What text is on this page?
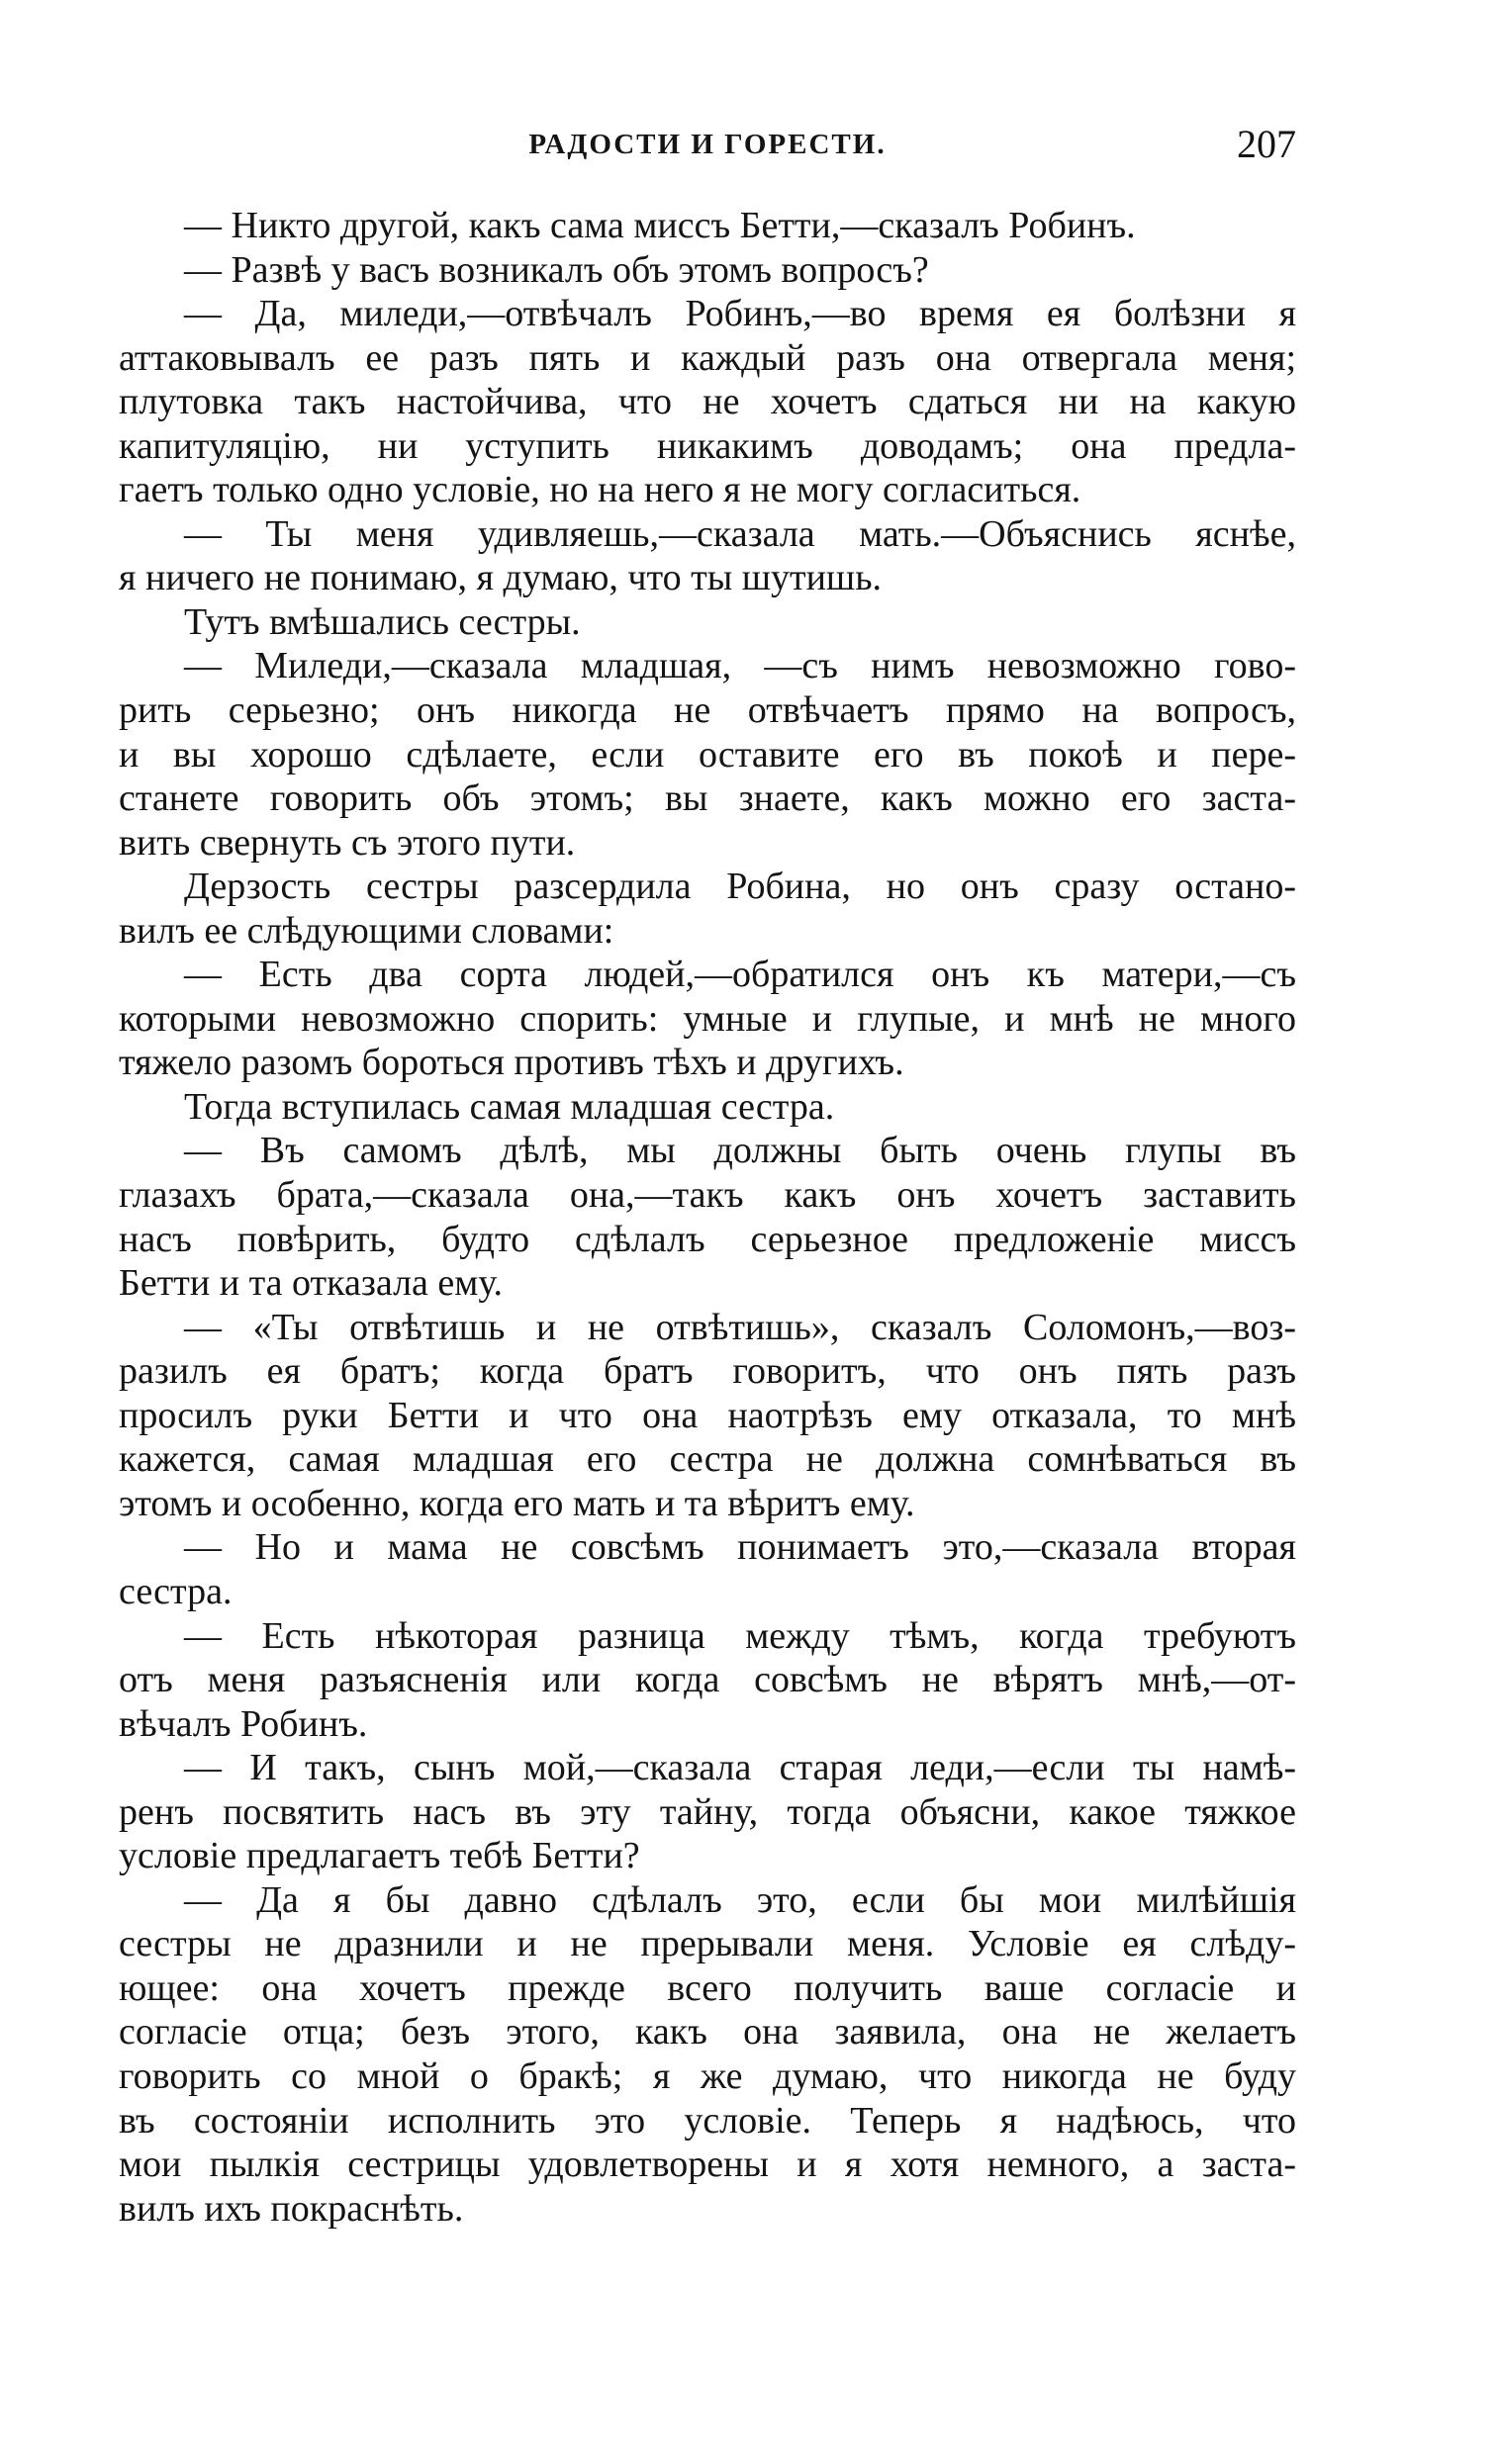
РАДОСТИ И ГОРЕСТИ.	207
— Никто другой, какъ сама миссъ Бетти,—сказалъ Робинъ.
— Развѣ у васъ возникалъ объ этомъ вопросъ?
— Да, миледи,—отвѣчалъ Робинъ,—во время ея болѣзни я
аттаковывалъ ее разъ пять и каждый разъ она отвергала меня;
плутовка такъ настойчива, что не хочетъ сдаться ни на какую
капитуляцію, ни уступить никакимъ доводамъ; она предла-
гаетъ только одно условіе, но на него я не могу согласиться.
— Ты меня удивляешь,—сказала мать.—Объяснись яснѣе,
я ничего не понимаю, я думаю, что ты шутишь.
Тутъ вмѣшались сестры.
— Миледи,—сказала младшая, —съ нимъ невозможно гово-
рить серьезно; онъ никогда не отвѣчаетъ прямо на вопросъ,
и вы хорошо сдѣлаете, если оставите его въ покоѣ и пере-
станете говорить объ этомъ; вы знаете, какъ можно его заста-
вить свернуть съ этого пути.
Дерзость сестры разсердила Робина, но онъ сразу остано-
вилъ ее слѣдующими словами:
— Есть два сорта людей,—обратился онъ къ матери,—съ
которыми невозможно спорить: умные и глупые, и мнѣ не много
тяжело разомъ бороться противъ тѣхъ и другихъ.
Тогда вступилась самая младшая сестра.
— Въ самомъ дѣлѣ, мы должны быть очень глупы въ
глазахъ брата,—сказала она,—такъ какъ онъ хочетъ заставить
насъ повѣрить, будто сдѣлалъ серьезное предложеніе миссъ
Бетти и та отказала ему.
— «Ты отвѣтишь и не отвѣтишь», сказалъ Соломонъ,—воз-
разилъ ея братъ; когда братъ говоритъ, что онъ пять разъ
просилъ руки Бетти и что она наотрѣзъ ему отказала, то мнѣ
кажется, самая младшая его сестра не должна сомнѣваться въ
этомъ и особенно, когда его мать и та вѣритъ ему.
— Но и мама не совсѣмъ понимаетъ это,—сказала вторая
сестра.
— Есть нѣкоторая разница между тѣмъ, когда требуютъ
отъ меня разъясненія или когда совсѣмъ не вѣрятъ мнѣ,—от-
вѣчалъ Робинъ.
— И такъ, сынъ мой,—сказала старая леди,—если ты намѣ-
ренъ посвятить насъ въ эту тайну, тогда объясни, какое тяжкое
условіе предлагаетъ тебѣ Бетти?
— Да я бы давно сдѣлалъ это, если бы мои милѣйшія
сестры не дразнили и не прерывали меня. Условіе ея слѣду-
ющее: она хочетъ прежде всего получить ваше согласіе и
согласіе отца; безъ этого, какъ она заявила, она не желаетъ
говорить со мной о бракѣ; я же думаю, что никогда не буду
въ состояніи исполнить это условіе. Теперь я надѣюсь, что
мои пылкія сестрицы удовлетворены и я хотя немного, а заста-
вилъ ихъ покраснѣть.
